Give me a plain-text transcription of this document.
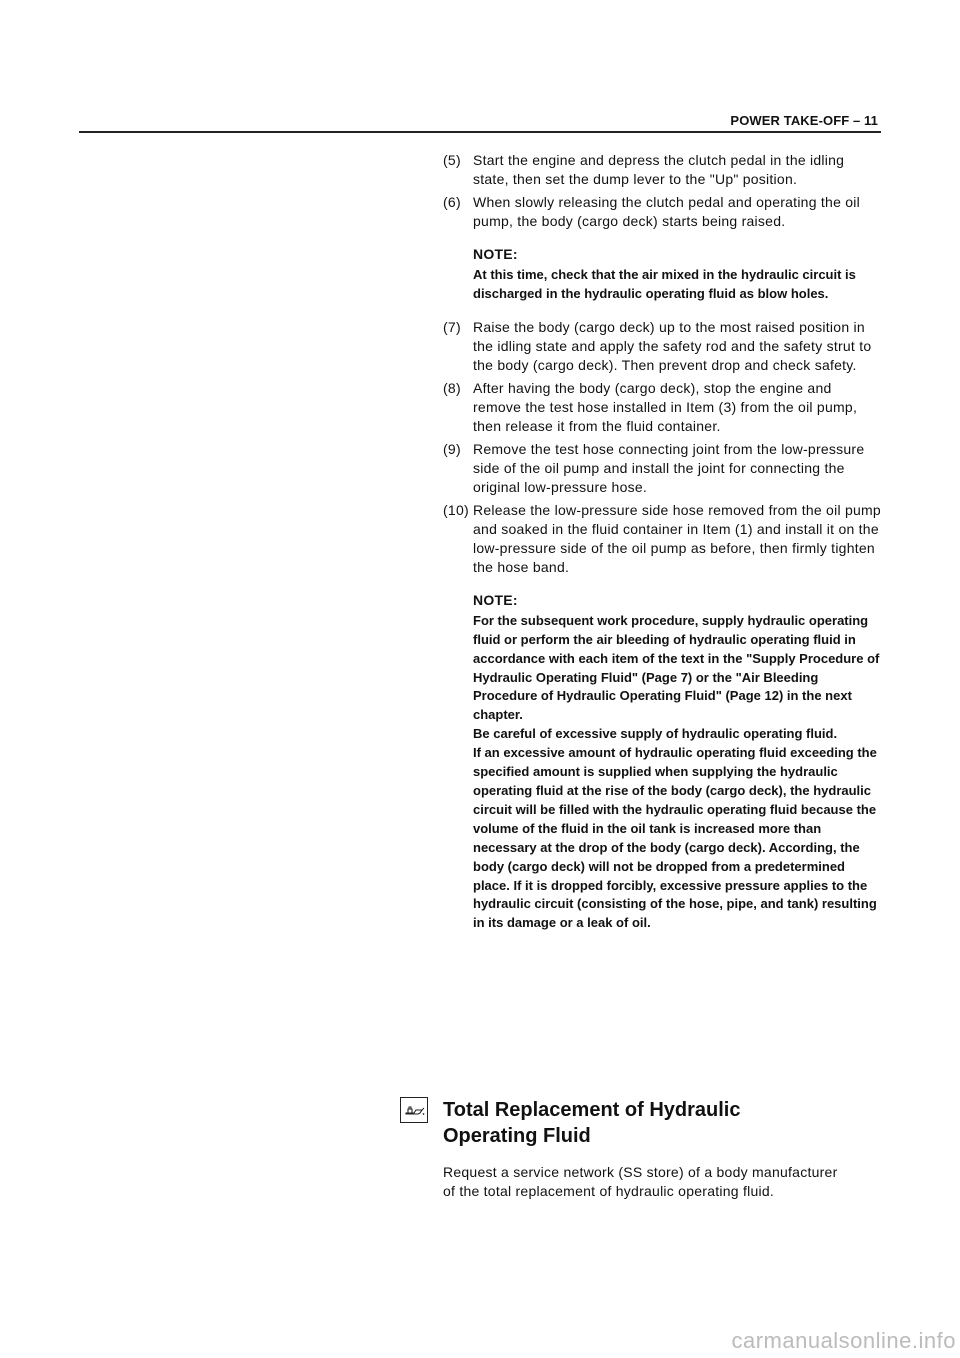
POWER TAKE-OFF – 11
(5) Start the engine and depress the clutch pedal in the idling state, then set the dump lever to the "Up" position.
(6) When slowly releasing the clutch pedal and operating the oil pump, the body (cargo deck) starts being raised.
NOTE:

At this time, check that the air mixed in the hydraulic circuit is discharged in the hydraulic operating fluid as blow holes.

(7) Raise the body (cargo deck) up to the most raised position in the idling state and apply the safety rod and the safety strut to the body (cargo deck). Then prevent drop and check safety.
(8) After having the body (cargo deck), stop the engine and remove the test hose installed in Item (3) from the oil pump, then release it from the fluid container.
(9) Remove the test hose connecting joint from the low-pressure side of the oil pump and install the joint for connecting the original low-pressure hose.
(10) Release the low-pressure side hose removed from the oil pump and soaked in the fluid container in Item (1) and install it on the low-pressure side of the oil pump as before, then firmly tighten the hose band.
NOTE:

For the subsequent work procedure, supply hydraulic operating fluid or perform the air bleeding of hydraulic operating fluid in accordance with each item of the text in the "Supply Procedure of Hydraulic Operating Fluid" (Page 7) or the "Air Bleeding Procedure of Hydraulic Operating Fluid" (Page 12) in the next chapter.

Be careful of excessive supply of hydraulic operating fluid.

If an excessive amount of hydraulic operating fluid exceeding the specified amount is supplied when supplying the hydraulic operating fluid at the rise of the body (cargo deck), the hydraulic circuit will be filled with the hydraulic operating fluid because the volume of the fluid in the oil tank is increased more than necessary at the drop of the body (cargo deck). According, the body (cargo deck) will not be dropped from a predetermined place. If it is dropped forcibly, excessive pressure applies to the hydraulic circuit (consisting of the hose, pipe, and tank) resulting in its damage or a leak of oil.

Total Replacement of Hydraulic Operating Fluid
Request a service network (SS store) of a body manufacturer of the total replacement of hydraulic operating fluid.
carmanualsonline.info
